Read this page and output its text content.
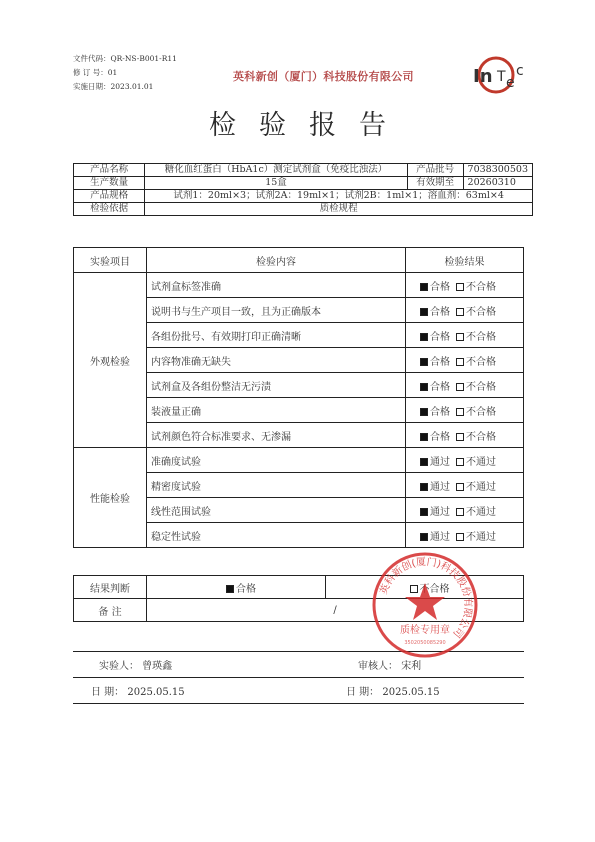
文件代码：QR-NS-B001-R11
修 订 号：01
实施日期：2023.01.01
英科新创（厦门）科技股份有限公司	In T e
c
检验报告
产品名称	糖化血红蛋白（HbA1c）测定试剂盒（免疫比浊法）	产品批号	7038300503
生产数量	15盒	有效期至	20260310
产品规格	试剂1：20ml×3；试剂2A：19ml×1；试剂2B：1ml×1；溶血剂：63ml×4		
检验依据	质检规程		
实验项目	检验内容	检验结果
外观检验	试剂盒标签准确	合格 不合格
	说明书与生产项目一致，且为正确版本	合格 不合格
	各组份批号、有效期打印正确清晰	合格 不合格
	内容物准确无缺失	合格 不合格
	试剂盒及各组份整洁无污渍	合格 不合格
	装液量正确	合格 不合格
	试剂颜色符合标准要求、无渗漏	合格 不合格
性能检验	准确度试验	通过 不通过
	精密度试验	通过 不通过
	线性范围试验	通过 不通过
	稳定性试验	通过 不通过
结果判断	合格	不合格
备 注	/	
实验人： 曾瑛鑫	审核人： 宋利
日 期： 2025.05.15	日 期： 2025.05.15
英科新创(厦门)科技股份有限公司
质检专用章
3502050085290
